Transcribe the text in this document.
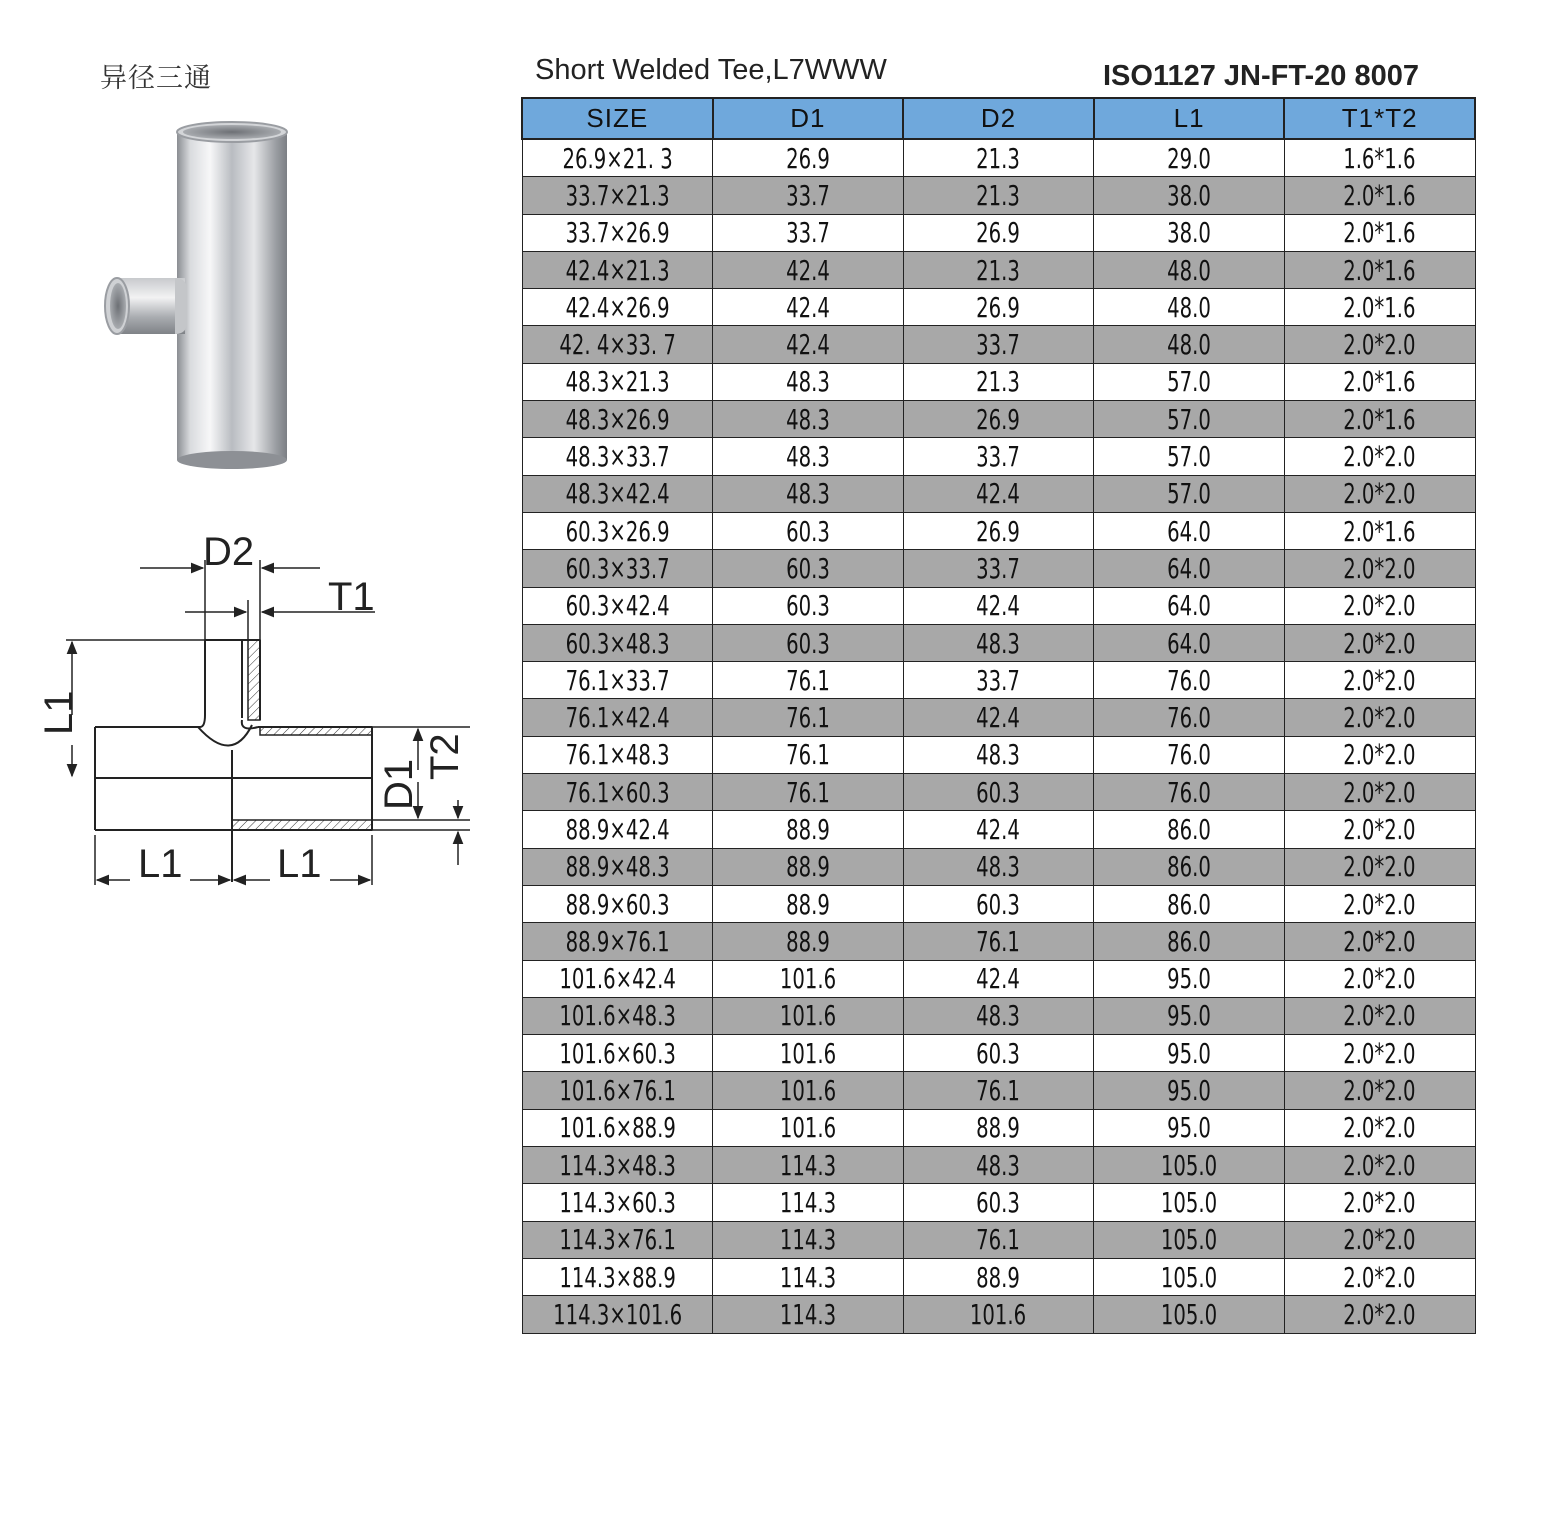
异径三通	Short Welded Tee,L7WWW	ISO1127 JN-FT-20 8007
D2
T1
L1
D1
T2
L1 L1
SIZE	D1	D2	L1	T1*T2
26.9×21. 3	26.9	21.3	29.0	1.6*1.6
33.7×21.3	33.7	21.3	38.0	2.0*1.6
33.7×26.9	33.7	26.9	38.0	2.0*1.6
42.4×21.3	42.4	21.3	48.0	2.0*1.6
42.4×26.9	42.4	26.9	48.0	2.0*1.6
42. 4×33. 7	42.4	33.7	48.0	2.0*2.0
48.3×21.3	48.3	21.3	57.0	2.0*1.6
48.3×26.9	48.3	26.9	57.0	2.0*1.6
48.3×33.7	48.3	33.7	57.0	2.0*2.0
48.3×42.4	48.3	42.4	57.0	2.0*2.0
60.3×26.9	60.3	26.9	64.0	2.0*1.6
60.3×33.7	60.3	33.7	64.0	2.0*2.0
60.3×42.4	60.3	42.4	64.0	2.0*2.0
60.3×48.3	60.3	48.3	64.0	2.0*2.0
76.1×33.7	76.1	33.7	76.0	2.0*2.0
76.1×42.4	76.1	42.4	76.0	2.0*2.0
76.1×48.3	76.1	48.3	76.0	2.0*2.0
76.1×60.3	76.1	60.3	76.0	2.0*2.0
88.9×42.4	88.9	42.4	86.0	2.0*2.0
88.9×48.3	88.9	48.3	86.0	2.0*2.0
88.9×60.3	88.9	60.3	86.0	2.0*2.0
88.9×76.1	88.9	76.1	86.0	2.0*2.0
101.6×42.4	101.6	42.4	95.0	2.0*2.0
101.6×48.3	101.6	48.3	95.0	2.0*2.0
101.6×60.3	101.6	60.3	95.0	2.0*2.0
101.6×76.1	101.6	76.1	95.0	2.0*2.0
101.6×88.9	101.6	88.9	95.0	2.0*2.0
114.3×48.3	114.3	48.3	105.0	2.0*2.0
114.3×60.3	114.3	60.3	105.0	2.0*2.0
114.3×76.1	114.3	76.1	105.0	2.0*2.0
114.3×88.9	114.3	88.9	105.0	2.0*2.0
114.3×101.6	114.3	101.6	105.0	2.0*2.0
